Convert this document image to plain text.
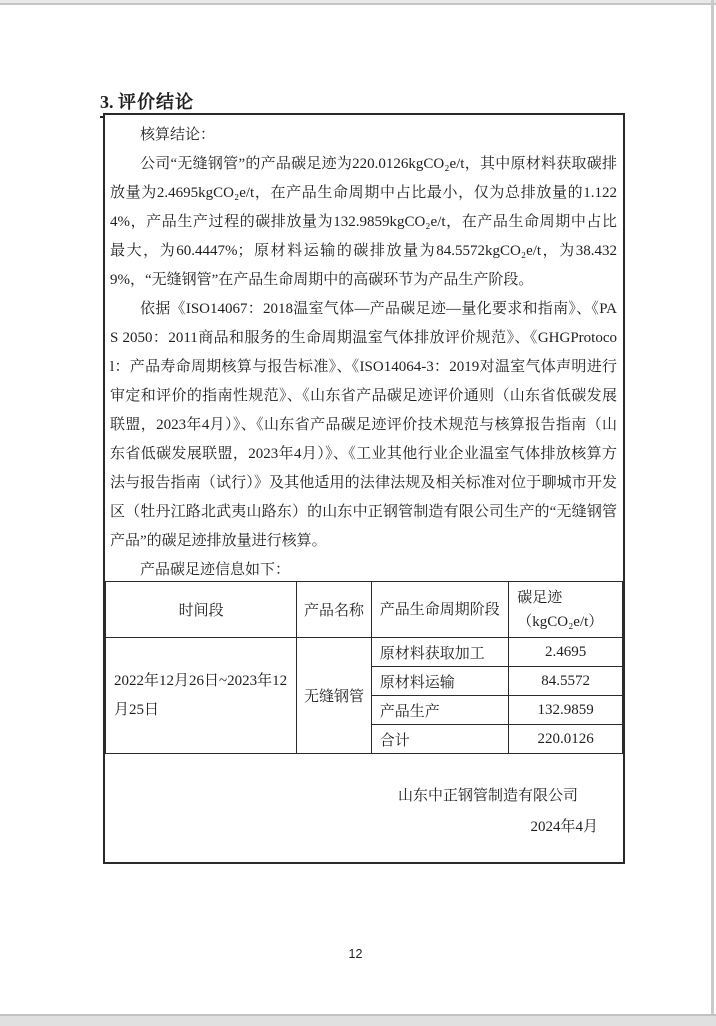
3. 评价结论

核算结论：

公司“无缝钢管”的产品碳足迹为220.0126kgCO₂e/t，其中原材料获取碳排放量为2.4695kgCO₂e/t，在产品生命周期中占比最小，仅为总排放量的1.1224%，产品生产过程的碳排放量为132.9859kgCO₂e/t，在产品生命周期中占比最大，为60.4447%；原材料运输的碳排放量为84.5572kgCO₂e/t，为38.4329%，“无缝钢管”在产品生命周期中的高碳环节为产品生产阶段。

依据《ISO14067：2018温室气体—产品碳足迹—量化要求和指南》、《PAS 2050：2011商品和服务的生命周期温室气体排放评价规范》、《GHGProtocol：产品寿命周期核算与报告标准》、《ISO14064-3：2019对温室气体声明进行审定和评价的指南性规范》、《山东省产品碳足迹评价通则（山东省低碳发展联盟，2023年4月）》、《山东省产品碳足迹评价技术规范与核算报告指南（山东省低碳发展联盟，2023年4月）》、《工业其他行业企业温室气体排放核算方法与报告指南（试行）》及其他适用的法律法规及相关标准对位于聊城市开发区（牡丹江路北武夷山路东）的山东中正钢管制造有限公司生产的“无缝钢管产品”的碳足迹排放量进行核算。

产品碳足迹信息如下：

时间段	产品名称	产品生命周期阶段	碳足迹
（kgCO₂e/t）

2022年12月26日~2023年12月25日	无缝钢管	原材料获取加工	2.4695
		原材料运输	84.5572
		产品生产	132.9859
		合计	220.0126
山东中正钢管制造有限公司
2024年4月
12
